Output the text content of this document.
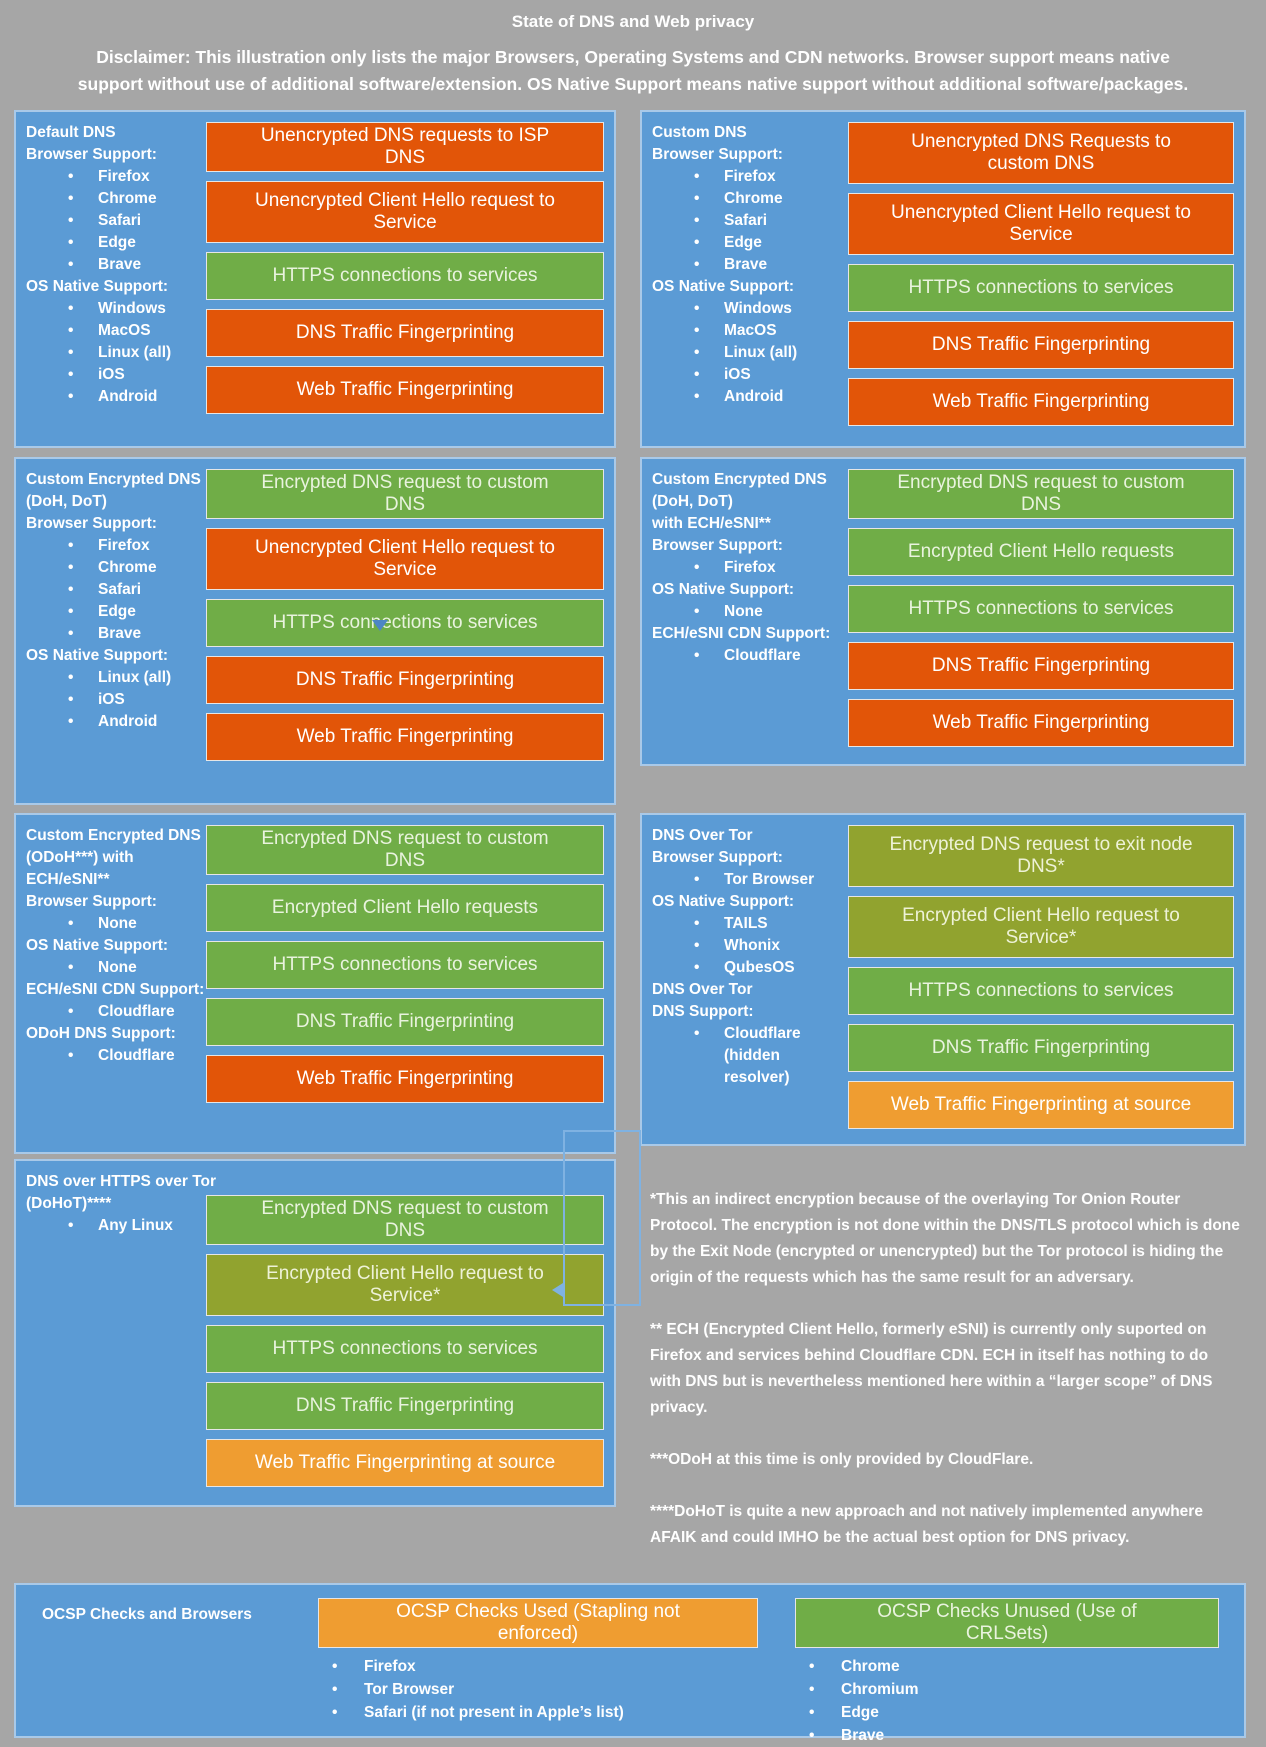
State of DNS and Web privacy
Disclaimer: This illustration only lists the major Browsers, Operating Systems and CDN networks. Browser support means native support without use of additional software/extension. OS Native Support means native support without additional software/packages.
Default DNS
Browser Support:
•	Firefox
•	Chrome
•	Safari
•	Edge
•	Brave
OS Native Support:
•	Windows
•	MacOS
•	Linux (all)
•	iOS
•	Android
Unencrypted DNS requests to ISP DNS
Unencrypted Client Hello request to Service
HTTPS connections to services
DNS Traffic Fingerprinting
Web Traffic Fingerprinting
Custom DNS
Browser Support:
•	Firefox
•	Chrome
•	Safari
•	Edge
•	Brave
OS Native Support:
•	Windows
•	MacOS
•	Linux (all)
•	iOS
•	Android
Unencrypted DNS Requests to custom DNS
Unencrypted Client Hello request to Service
HTTPS connections to services
DNS Traffic Fingerprinting
Web Traffic Fingerprinting
Custom Encrypted DNS
(DoH, DoT)
Browser Support:
•	Firefox
•	Chrome
•	Safari
•	Edge
•	Brave
OS Native Support:
•	Linux (all)
•	iOS
•	Android
Encrypted DNS request to custom DNS
Unencrypted Client Hello request to Service
HTTPS connections to services
DNS Traffic Fingerprinting
Web Traffic Fingerprinting
Custom Encrypted DNS
(DoH, DoT)
with ECH/eSNI**
Browser Support:
•	Firefox
OS Native Support:
•	None
ECH/eSNI CDN Support:
•	Cloudflare
Encrypted DNS request to custom DNS
Encrypted Client Hello requests
HTTPS connections to services
DNS Traffic Fingerprinting
Web Traffic Fingerprinting
Custom Encrypted DNS
(ODoH***) with
ECH/eSNI**
Browser Support:
•	None
OS Native Support:
•	None
ECH/eSNI CDN Support:
•	Cloudflare
ODoH DNS Support:
•	Cloudflare
Encrypted DNS request to custom DNS
Encrypted Client Hello requests
HTTPS connections to services
DNS Traffic Fingerprinting
Web Traffic Fingerprinting
DNS Over Tor
Browser Support:
•	Tor Browser
OS Native Support:
•	TAILS
•	Whonix
•	QubesOS
DNS Over Tor
DNS Support:
•	Cloudflare
(hidden resolver)
Encrypted DNS request to exit node DNS*
Encrypted Client Hello request to Service*
HTTPS connections to services
DNS Traffic Fingerprinting
Web Traffic Fingerprinting at source
DNS over HTTPS over Tor
(DoHoT)****
•	Any Linux
Encrypted DNS request to custom DNS
Encrypted Client Hello request to Service*
HTTPS connections to services
DNS Traffic Fingerprinting
Web Traffic Fingerprinting at source

*This an indirect encryption because of the overlaying Tor Onion Router Protocol. The encryption is not done within the DNS/TLS protocol which is done by the Exit Node (encrypted or unencrypted) but the Tor protocol is hiding the origin of the requests which has the same result for an adversary.

** ECH (Encrypted Client Hello, formerly eSNI) is currently only suported on Firefox and services behind Cloudflare CDN. ECH in itself has nothing to do with DNS but is nevertheless mentioned here within a “larger scope” of DNS privacy.

***ODoH at this time is only provided by CloudFlare.

****DoHoT is quite a new approach and not natively implemented anywhere AFAIK and could IMHO be the actual best option for DNS privacy.

OCSP Checks and Browsers	OCSP Checks Used (Stapling not enforced)
•	Firefox
•	Tor Browser
•	Safari (if not present in Apple’s list)
OCSP Checks Unused (Use of CRLSets)
•	Chrome
•	Chromium
•	Edge
•	Brave
